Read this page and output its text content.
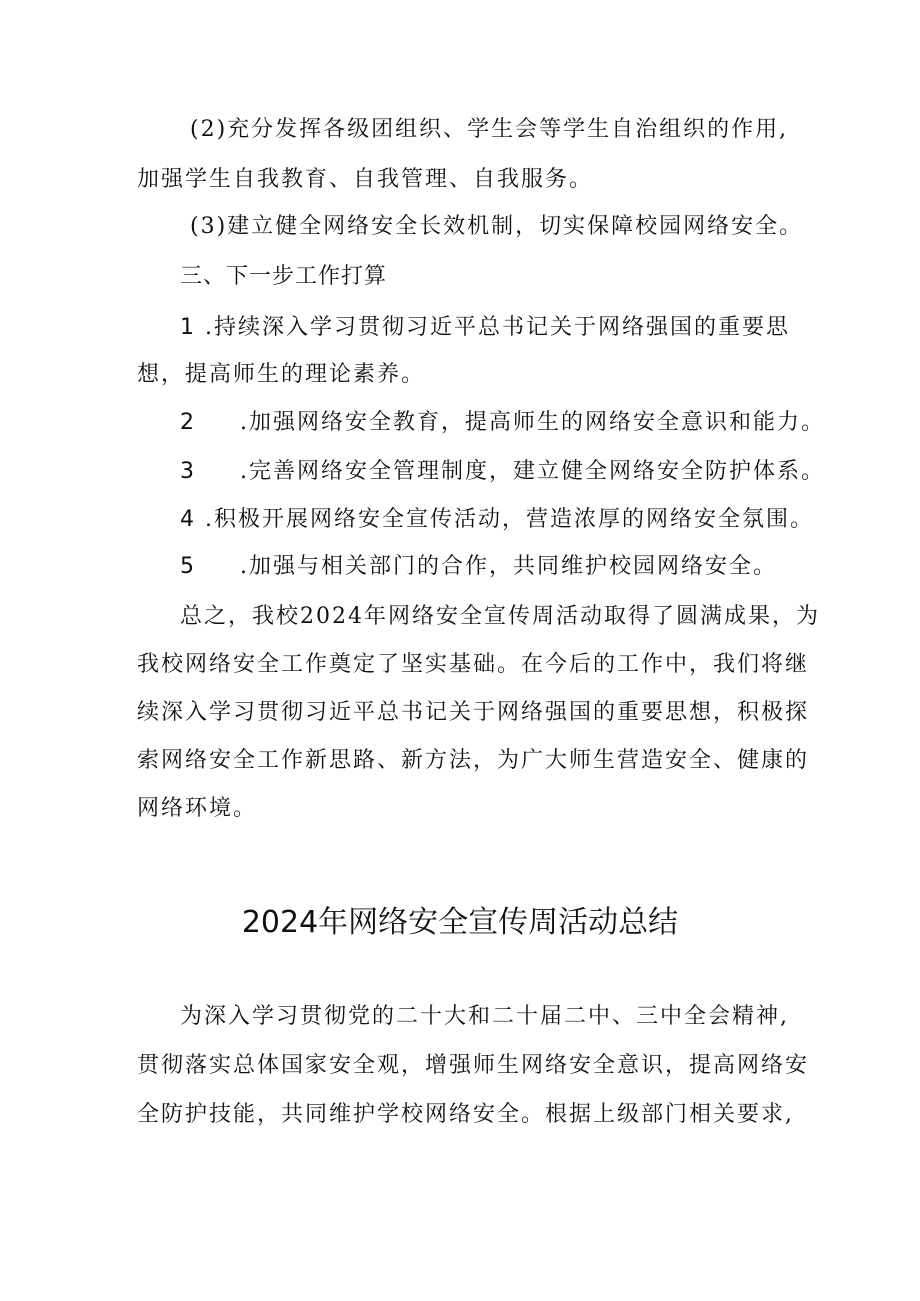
(2)充分发挥各级团组织、学生会等学生自治组织的作用,
加强学生自我教育、自我管理、自我服务。
(3)建立健全网络安全长效机制，切实保障校园网络安全。
三、下一步工作打算
1 .持续深入学习贯彻习近平总书记关于网络强国的重要思
想，提高师生的理论素养。
2 .加强网络安全教育，提高师生的网络安全意识和能力。
3 .完善网络安全管理制度，建立健全网络安全防护体系。
4 .积极开展网络安全宣传活动，营造浓厚的网络安全氛围。
5 .加强与相关部门的合作，共同维护校园网络安全。
总之，我校2024年网络安全宣传周活动取得了圆满成果，为
我校网络安全工作奠定了坚实基础。在今后的工作中，我们将继
续深入学习贯彻习近平总书记关于网络强国的重要思想，积极探
索网络安全工作新思路、新方法，为广大师生营造安全、健康的
网络环境。
2024年网络安全宣传周活动总结
为深入学习贯彻党的二十大和二十届二中、三中全会精神,
贯彻落实总体国家安全观，增强师生网络安全意识，提高网络安
全防护技能，共同维护学校网络安全。根据上级部门相关要求,
